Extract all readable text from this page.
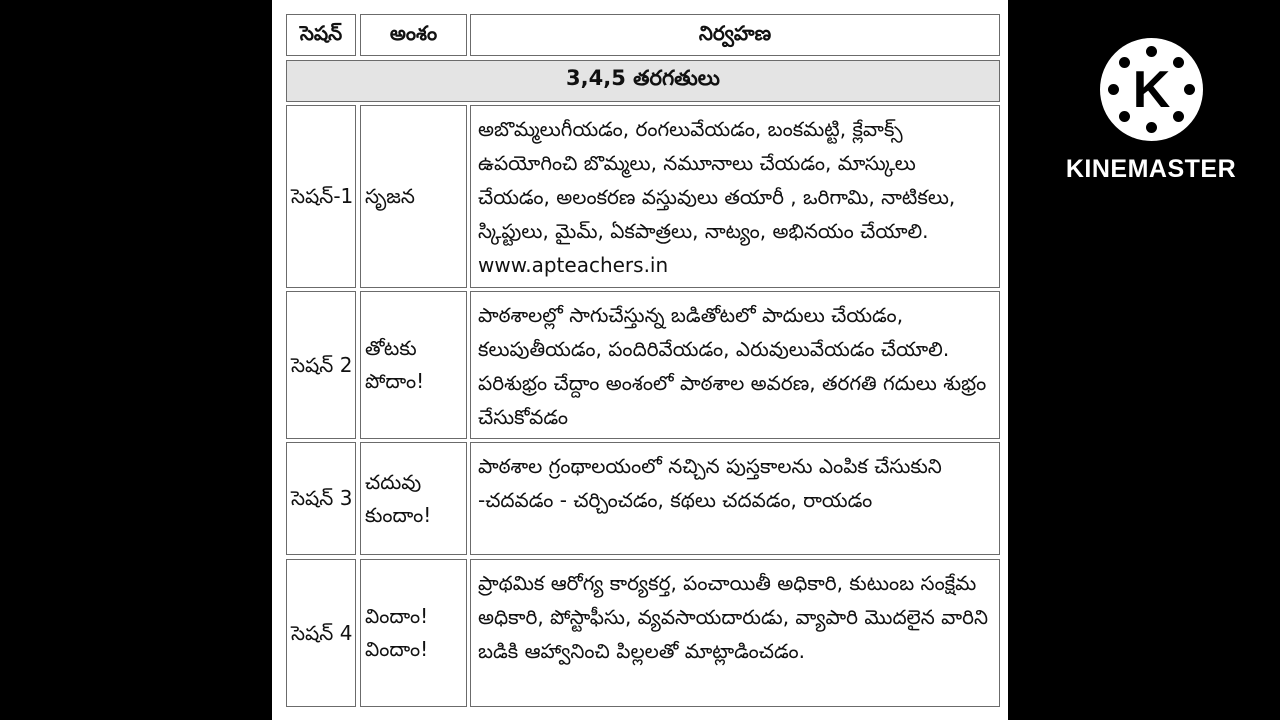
సెషన్	అంశం	నిర్వహణ
3,4,5 తరగతులు
సెషన్-1 సృజన
అబొమ్మలుగీయడం, రంగలువేయడం, బంకమట్టి, క్లేవాక్స్ ఉపయోగించి బొమ్మలు, నమూనాలు చేయడం, మాస్కులు చేయడం, అలంకరణ వస్తువులు తయారీ , ఒరిగామి, నాటికలు, స్కిప్టులు, మైమ్, ఏకపాత్రలు, నాట్యం, అభినయం చేయాలి. www.apteachers.in
సెషన్ 2
తోటకు పోదాం!
పాఠశాలల్లో సాగుచేస్తున్న బడితోటలో పాదులు చేయడం, కలుపుతీయడం, పందిరివేయడం, ఎరువులువేయడం చేయాలి. పరిశుభ్రం చేద్దాం అంశంలో పాఠశాల అవరణ, తరగతి గదులు శుభ్రం చేసుకోవడం
సెషన్ 3
చదువు కుందాం!
పాఠశాల గ్రంథాలయంలో నచ్చిన పుస్తకాలను ఎంపిక చేసుకుని -చదవడం - చర్చించడం, కథలు చదవడం, రాయడం
సెషన్ 4
విందాం! విందాం!
ప్రాథమిక ఆరోగ్య కార్యకర్త, పంచాయితీ అధికారి, కుటుంబ సంక్షేమ అధికారి, పోస్టాఫీసు, వ్యవసాయదారుడు, వ్యాపారి మొదలైన వారిని బడికి ఆహ్వానించి పిల్లలతో మాట్లాడించడం.
K
KINEMASTER
